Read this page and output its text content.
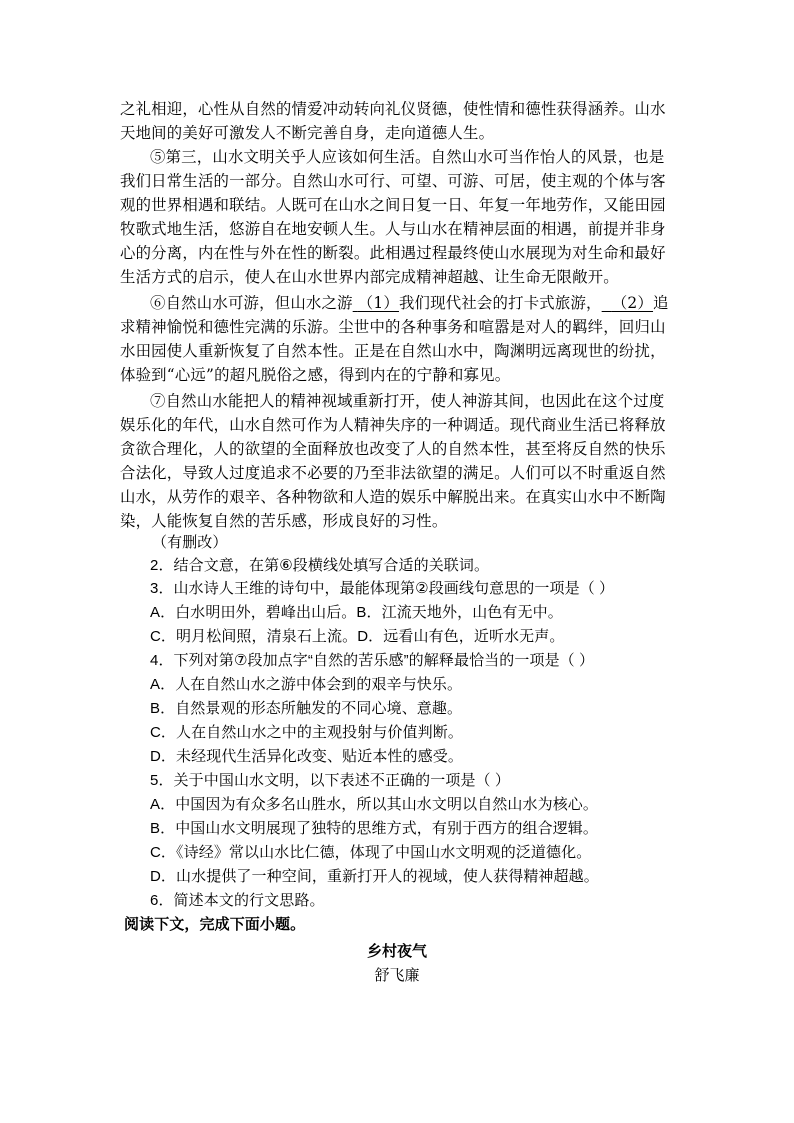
之礼相迎，心性从自然的情爱冲动转向礼仪贤德，使性情和德性获得涵养。山水
天地间的美好可激发人不断完善自身，走向道德人生。
⑤第三，山水文明关乎人应该如何生活。自然山水可当作怡人的风景，也是
我们日常生活的一部分。自然山水可行、可望、可游、可居，使主观的个体与客
观的世界相遇和联结。人既可在山水之间日复一日、年复一年地劳作，又能田园
牧歌式地生活，悠游自在地安顿人生。人与山水在精神层面的相遇，前提并非身
心的分离，内在性与外在性的断裂。此相遇过程最终使山水展现为对生命和最好
生活方式的启示，使人在山水世界内部完成精神超越、让生命无限敞开。
⑥自然山水可游，但山水之游 （1）我们现代社会的打卡式旅游， （2）追
求精神愉悦和德性完满的乐游。尘世中的各种事务和喧嚣是对人的羁绊，回归山
水田园使人重新恢复了自然本性。正是在自然山水中，陶渊明远离现世的纷扰，
体验到“心远”的超凡脱俗之感，得到内在的宁静和寡见。
⑦自然山水能把人的精神视域重新打开，使人神游其间，也因此在这个过度
娱乐化的年代，山水自然可作为人精神失序的一种调适。现代商业生活已将释放
贪欲合理化，人的欲望的全面释放也改变了人的自然本性，甚至将反自然的快乐
合法化，导致人过度追求不必要的乃至非法欲望的满足。人们可以不时重返自然
山水，从劳作的艰辛、各种物欲和人造的娱乐中解脱出来。在真实山水中不断陶
染，人能恢复自然的苦乐感，形成良好的习性。
（有删改）
2．结合文意，在第⑥段横线处填写合适的关联词。
3．山水诗人王维的诗句中，最能体现第②段画线句意思的一项是（ ）
A．白水明田外，碧峰出山后。B．江流天地外，山色有无中。
C．明月松间照，清泉石上流。D．远看山有色，近听水无声。
4．下列对第⑦段加点字“自然的苦乐感”的解释最恰当的一项是（ ）
A．人在自然山水之游中体会到的艰辛与快乐。
B．自然景观的形态所触发的不同心境、意趣。
C．人在自然山水之中的主观投射与价值判断。
D．未经现代生活异化改变、贴近本性的感受。
5．关于中国山水文明，以下表述不正确的一项是（ ）
A．中国因为有众多名山胜水，所以其山水文明以自然山水为核心。
B．中国山水文明展现了独特的思维方式，有别于西方的组合逻辑。
C．《诗经》常以山水比仁德，体现了中国山水文明观的泛道德化。
D．山水提供了一种空间，重新打开人的视域，使人获得精神超越。
6．简述本文的行文思路。
阅读下文，完成下面小题。
乡村夜气
舒飞廉
